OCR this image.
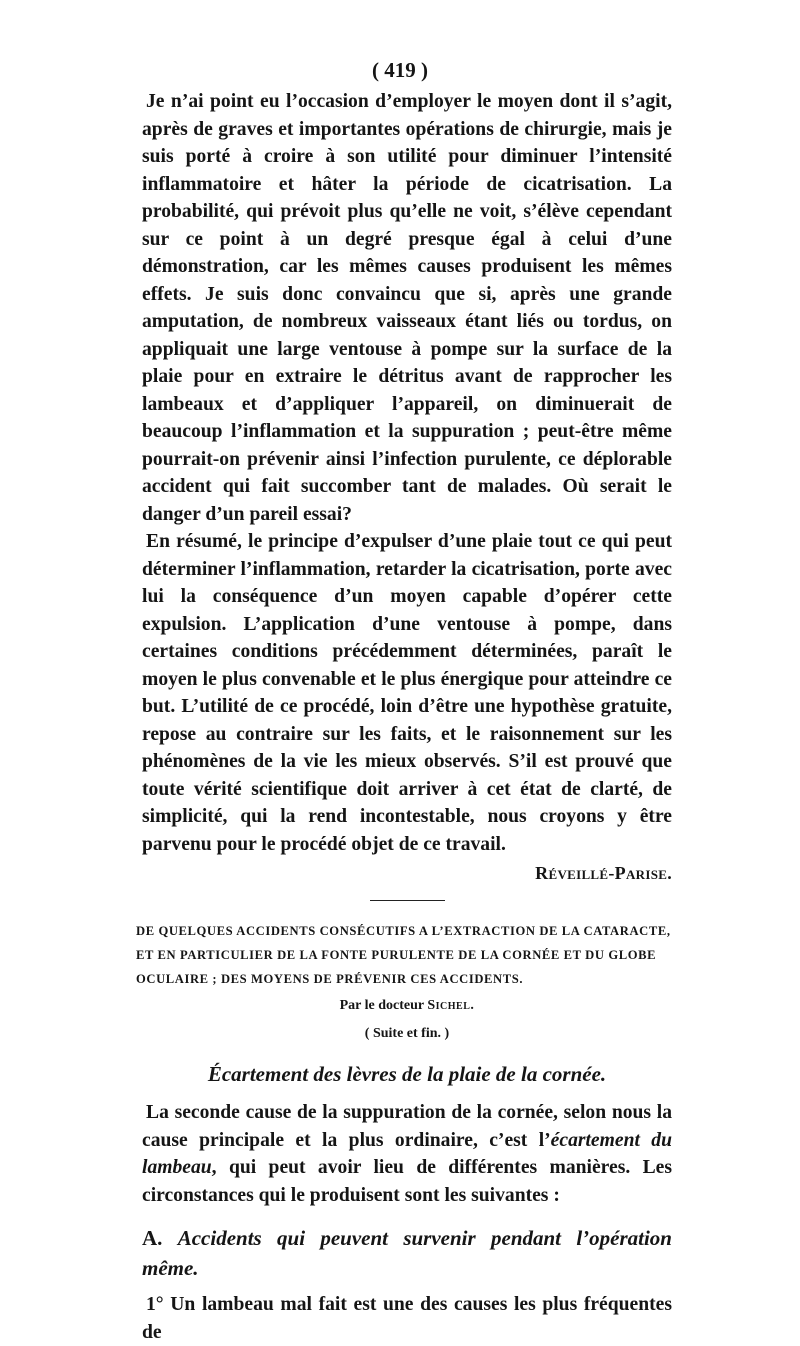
( 419 )

Je n’ai point eu l’occasion d’employer le moyen dont il s’agit, après de graves et importantes opérations de chirurgie, mais je suis porté à croire à son utilité pour diminuer l’intensité inflammatoire et hâter la période de cicatrisation. La probabilité, qui prévoit plus qu’elle ne voit, s’élève cependant sur ce point à un degré presque égal à celui d’une démonstration, car les mêmes causes produisent les mêmes effets. Je suis donc convaincu que si, après une grande amputation, de nombreux vaisseaux étant liés ou tordus, on appliquait une large ventouse à pompe sur la surface de la plaie pour en extraire le détritus avant de rapprocher les lambeaux et d’appliquer l’appareil, on diminuerait de beaucoup l’inflammation et la suppuration ; peut-être même pourrait-on prévenir ainsi l’infection purulente, ce déplorable accident qui fait succomber tant de malades. Où serait le danger d’un pareil essai?

En résumé, le principe d’expulser d’une plaie tout ce qui peut déterminer l’inflammation, retarder la cicatrisation, porte avec lui la conséquence d’un moyen capable d’opérer cette expulsion. L’application d’une ventouse à pompe, dans certaines conditions précédemment déterminées, paraît le moyen le plus convenable et le plus énergique pour atteindre ce but. L’utilité de ce procédé, loin d’être une hypothèse gratuite, repose au contraire sur les faits, et le raisonnement sur les phénomènes de la vie les mieux observés. S’il est prouvé que toute vérité scientifique doit arriver à cet état de clarté, de simplicité, qui la rend incontestable, nous croyons y être parvenu pour le procédé objet de ce travail.

Réveillé-Parise.
DE QUELQUES ACCIDENTS CONSÉCUTIFS A L’EXTRACTION DE LA CATARACTE,
ET EN PARTICULIER DE LA FONTE PURULENTE DE LA CORNÉE ET DU GLOBE
OCULAIRE ; DES MOYENS DE PRÉVENIR CES ACCIDENTS.
Par le docteur Sichel.
( Suite et fin. )
Écartement des lèvres de la plaie de la cornée.

La seconde cause de la suppuration de la cornée, selon nous la cause principale et la plus ordinaire, c’est l’écartement du lambeau, qui peut avoir lieu de différentes manières. Les circonstances qui le produisent sont les suivantes :

A. Accidents qui peuvent survenir pendant l’opération même.

1° Un lambeau mal fait est une des causes les plus fréquentes de
